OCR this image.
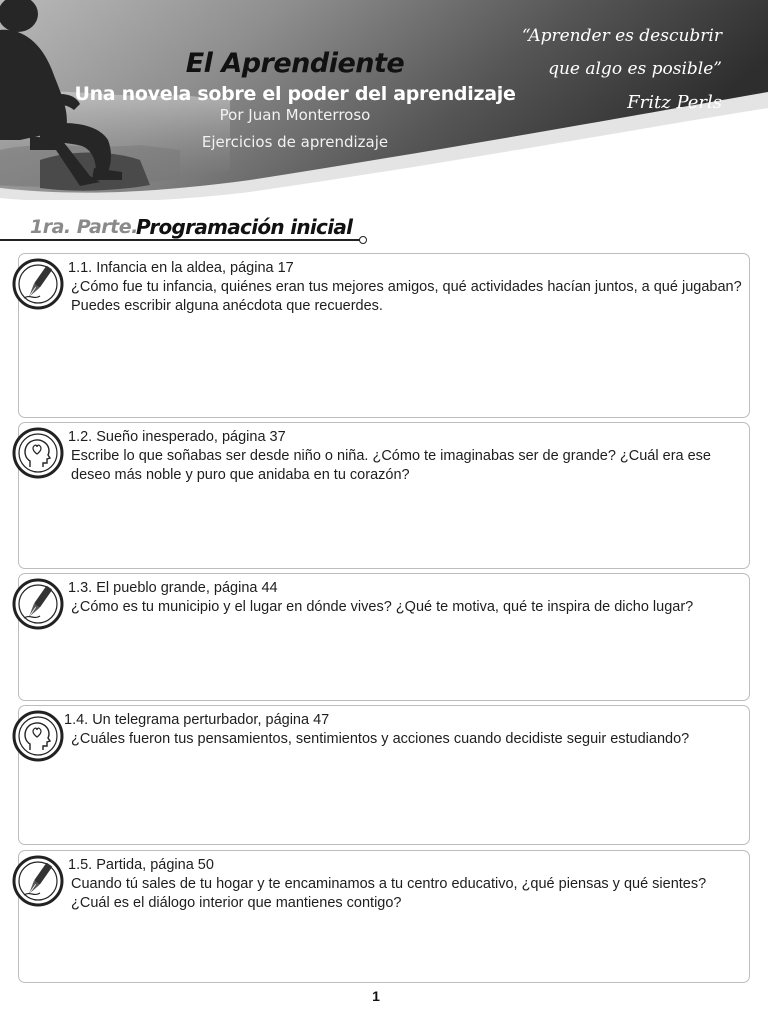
El Aprendiente
Una novela sobre el poder del aprendizaje
Por Juan Monterroso
Ejercicios de aprendizaje
“Aprender es descubrir
que algo es posible”
Fritz Perls
1ra. Parte.
Programación inicial
1.1. Infancia en la aldea, página 17
¿Cómo fue tu infancia, quiénes eran tus mejores amigos, qué actividades hacían juntos, a qué jugaban? Puedes escribir alguna anécdota que recuerdes.
1.2. Sueño inesperado, página 37
Escribe lo que soñabas ser desde niño o niña. ¿Cómo te imaginabas ser de grande? ¿Cuál era ese deseo más noble y puro que anidaba en tu corazón?
1.3. El pueblo grande, página 44
¿Cómo es tu municipio y el lugar en dónde vives? ¿Qué te motiva, qué te inspira de dicho lugar?
1.4. Un telegrama perturbador, página 47
¿Cuáles fueron tus pensamientos, sentimientos y acciones cuando decidiste seguir estudiando?
1.5. Partida, página 50
Cuando tú sales de tu hogar y te encaminamos a tu centro educativo, ¿qué piensas y qué sientes? ¿Cuál es el diálogo interior que mantienes contigo?
1
